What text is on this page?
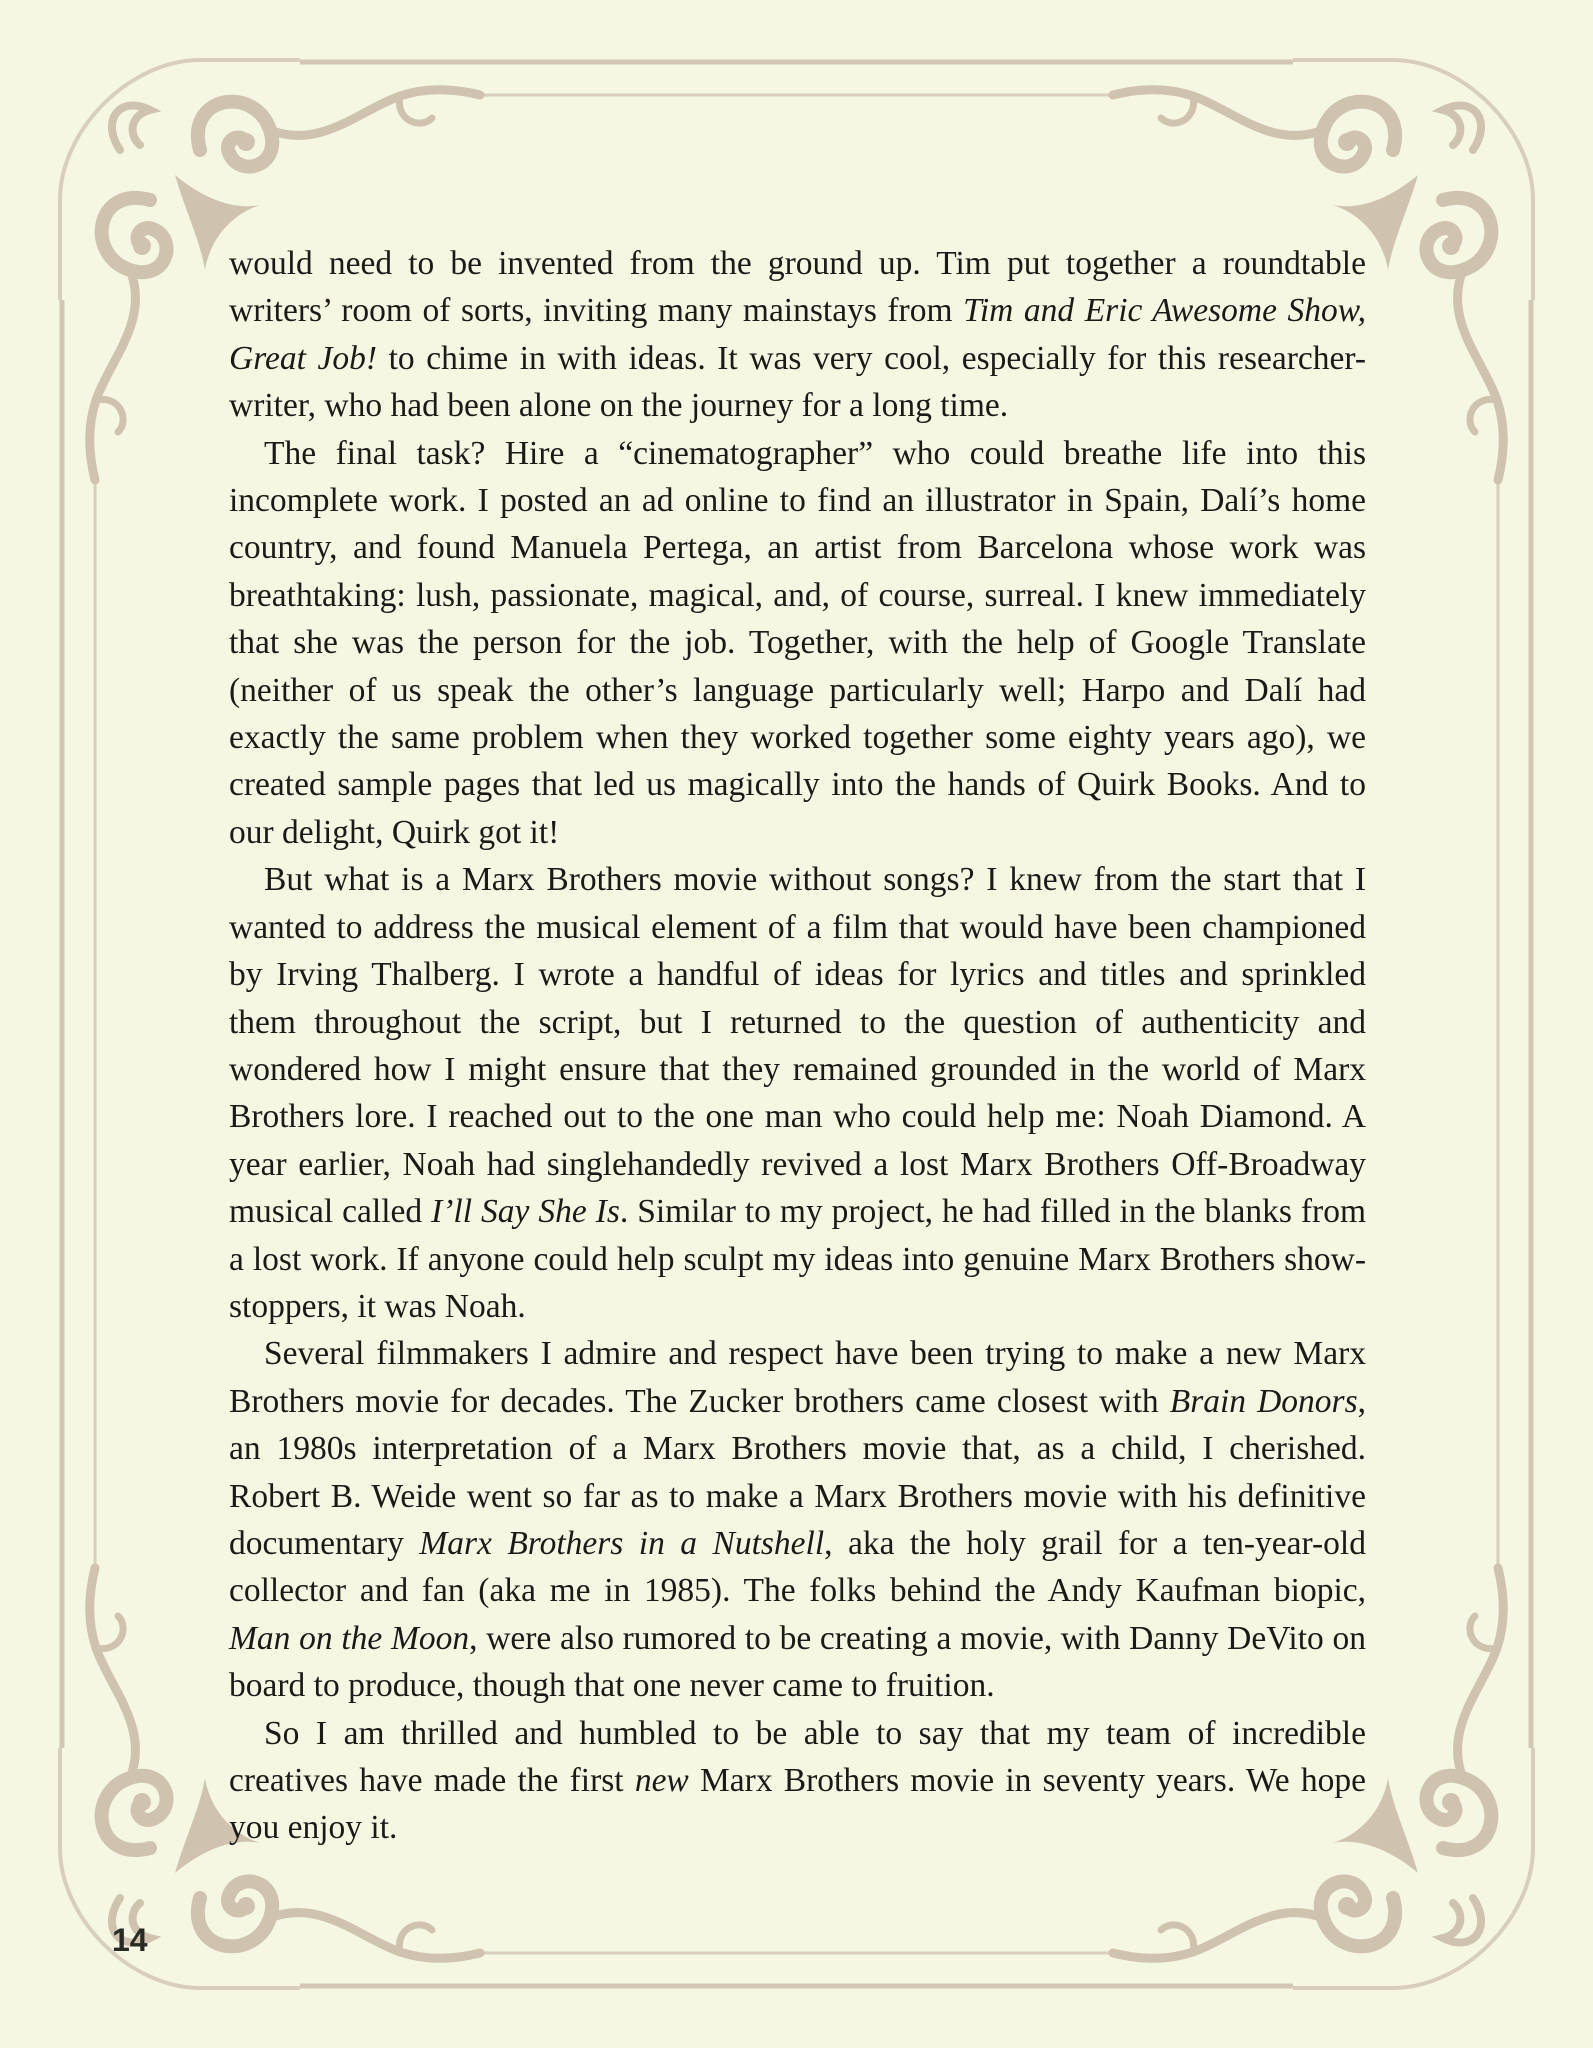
would need to be invented from the ground up. Tim put together a roundtable writers’ room of sorts, inviting many mainstays from Tim and Eric Awesome Show, Great Job! to chime in with ideas. It was very cool, especially for this researcher-writer, who had been alone on the journey for a long time.

The final task? Hire a “cinematographer” who could breathe life into this incomplete work. I posted an ad online to find an illustrator in Spain, Dalí’s home country, and found Manuela Pertega, an artist from Barcelona whose work was breathtaking: lush, passionate, magical, and, of course, surreal. I knew immediately that she was the person for the job. Together, with the help of Google Translate (neither of us speak the other’s language particularly well; Harpo and Dalí had exactly the same problem when they worked together some eighty years ago), we created sample pages that led us magically into the hands of Quirk Books. And to our delight, Quirk got it!

But what is a Marx Brothers movie without songs? I knew from the start that I wanted to address the musical element of a film that would have been championed by Irving Thalberg. I wrote a handful of ideas for lyrics and titles and sprinkled them throughout the script, but I returned to the question of authenticity and wondered how I might ensure that they remained grounded in the world of Marx Brothers lore. I reached out to the one man who could help me: Noah Diamond. A year earlier, Noah had singlehandedly revived a lost Marx Brothers Off-Broadway musical called I’ll Say She Is. Similar to my project, he had filled in the blanks from a lost work. If anyone could help sculpt my ideas into genuine Marx Brothers show-stoppers, it was Noah.

Several filmmakers I admire and respect have been trying to make a new Marx Brothers movie for decades. The Zucker brothers came closest with Brain Donors, an 1980s interpretation of a Marx Brothers movie that, as a child, I cherished. Robert B. Weide went so far as to make a Marx Brothers movie with his definitive documentary Marx Brothers in a Nutshell, aka the holy grail for a ten-year-old collector and fan (aka me in 1985). The folks behind the Andy Kaufman biopic, Man on the Moon, were also rumored to be creating a movie, with Danny DeVito on board to produce, though that one never came to fruition.

So I am thrilled and humbled to be able to say that my team of incredible creatives have made the first new Marx Brothers movie in seventy years. We hope you enjoy it.

14
